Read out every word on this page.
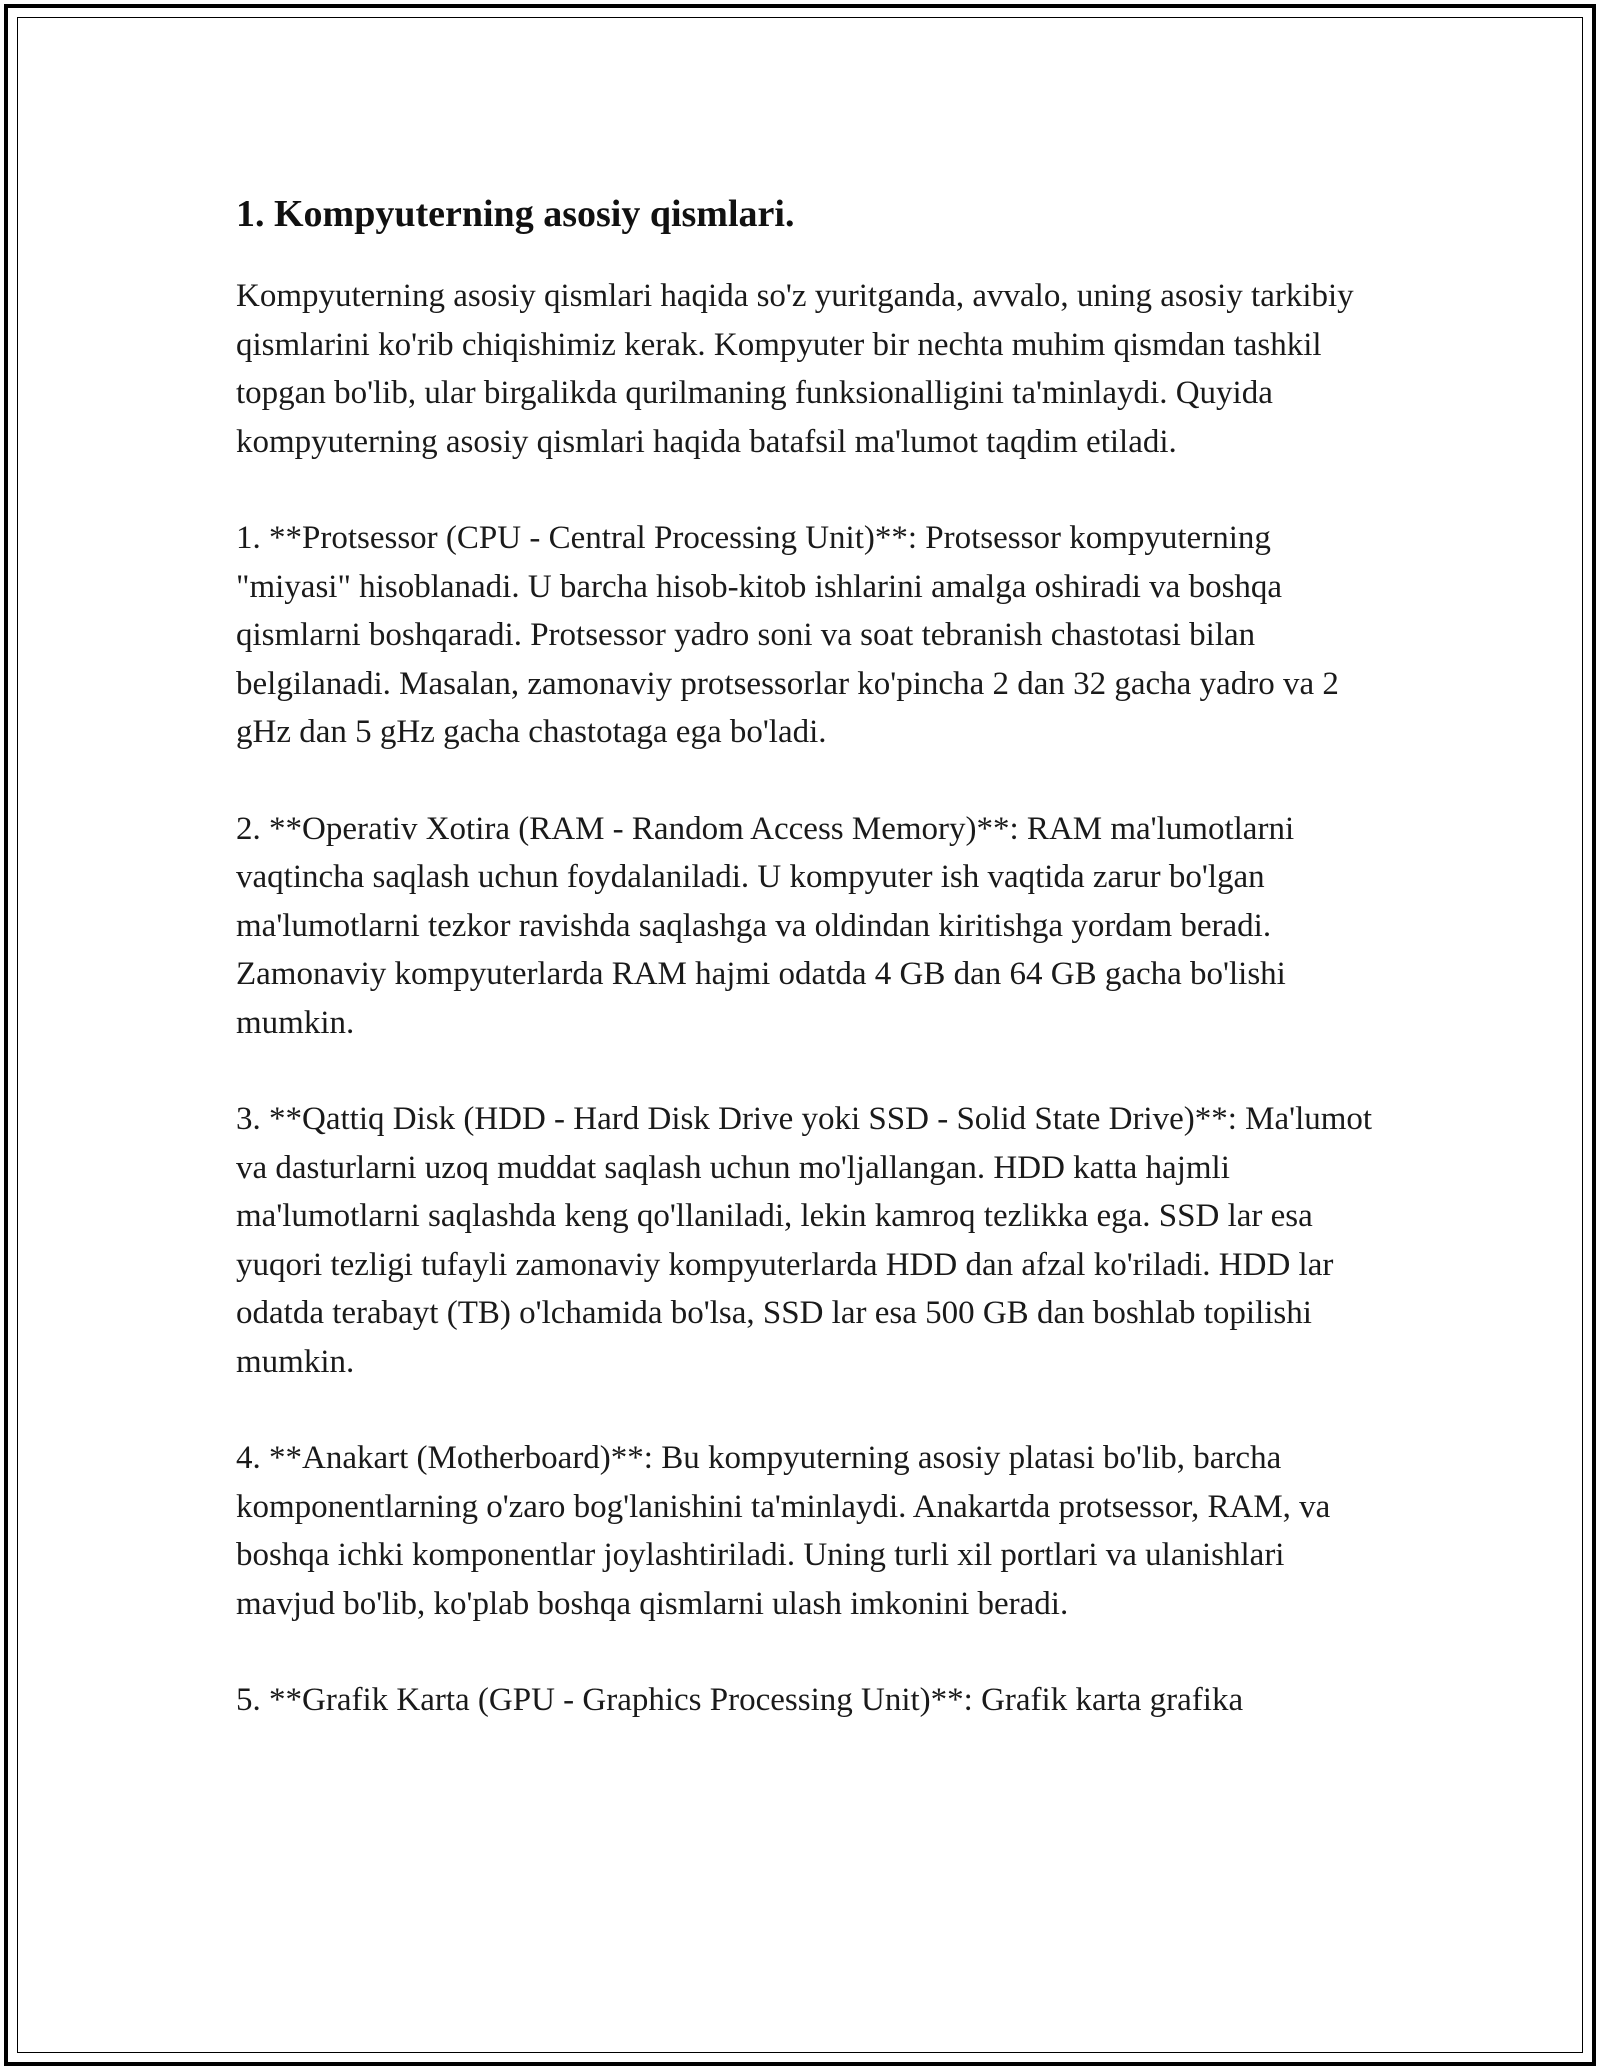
1. Kompyuterning asosiy qismlari.

Kompyuterning asosiy qismlari haqida so'z yuritganda, avvalo, uning asosiy tarkibiy qismlarini ko'rib chiqishimiz kerak. Kompyuter bir nechta muhim qismdan tashkil topgan bo'lib, ular birgalikda qurilmaning funksionalligini ta'minlaydi. Quyida kompyuterning asosiy qismlari haqida batafsil ma'lumot taqdim etiladi.

1. **Protsessor (CPU - Central Processing Unit)**: Protsessor kompyuterning "miyasi" hisoblanadi. U barcha hisob-kitob ishlarini amalga oshiradi va boshqa qismlarni boshqaradi. Protsessor yadro soni va soat tebranish chastotasi bilan belgilanadi. Masalan, zamonaviy protsessorlar ko'pincha 2 dan 32 gacha yadro va 2 gHz dan 5 gHz gacha chastotaga ega bo'ladi.

2. **Operativ Xotira (RAM - Random Access Memory)**: RAM ma'lumotlarni vaqtincha saqlash uchun foydalaniladi. U kompyuter ish vaqtida zarur bo'lgan ma'lumotlarni tezkor ravishda saqlashga va oldindan kiritishga yordam beradi. Zamonaviy kompyuterlarda RAM hajmi odatda 4 GB dan 64 GB gacha bo'lishi mumkin.

3. **Qattiq Disk (HDD - Hard Disk Drive yoki SSD - Solid State Drive)**: Ma'lumot va dasturlarni uzoq muddat saqlash uchun mo'ljallangan. HDD katta hajmli ma'lumotlarni saqlashda keng qo'llaniladi, lekin kamroq tezlikka ega. SSD lar esa yuqori tezligi tufayli zamonaviy kompyuterlarda HDD dan afzal ko'riladi. HDD lar odatda terabayt (TB) o'lchamida bo'lsa, SSD lar esa 500 GB dan boshlab topilishi mumkin.

4. **Anakart (Motherboard)**: Bu kompyuterning asosiy platasi bo'lib, barcha komponentlarning o'zaro bog'lanishini ta'minlaydi. Anakartda protsessor, RAM, va boshqa ichki komponentlar joylashtiriladi. Uning turli xil portlari va ulanishlari mavjud bo'lib, ko'plab boshqa qismlarni ulash imkonini beradi.

5. **Grafik Karta (GPU - Graphics Processing Unit)**: Grafik karta grafika
